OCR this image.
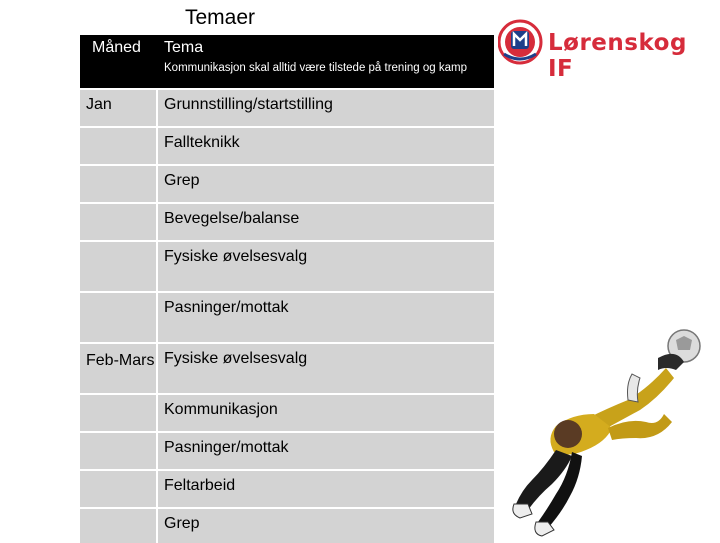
Temaer
Måned	Tema
Kommunikasjon skal alltid være tilstede på trening og kamp

Jan	Grunnstilling/startstilling
	Fallteknikk
	Grep
	Bevegelse/balanse
	Fysiske øvelsesvalg
	Pasninger/mottak
Feb-Mars	Fysiske øvelsesvalg
	Kommunikasjon
	Pasninger/mottak
	Feltarbeid
	Grep
Lørenskog IF
